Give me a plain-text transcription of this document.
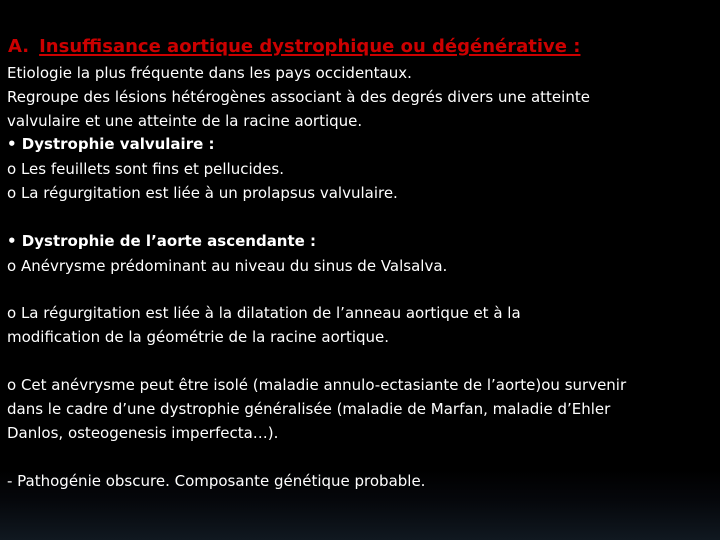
A. Insuffisance aortique dystrophique ou dégénérative :
Etiologie la plus fréquente dans les pays occidentaux.
Regroupe des lésions hétérogènes associant à des degrés divers une atteinte
valvulaire et une atteinte de la racine aortique.
• Dystrophie valvulaire :
o Les feuillets sont fins et pellucides.
o La régurgitation est liée à un prolapsus valvulaire.
• Dystrophie de l’aorte ascendante :
o Anévrysme prédominant au niveau du sinus de Valsalva.
o La régurgitation est liée à la dilatation de l’anneau aortique et à la
modification de la géométrie de la racine aortique.
o Cet anévrysme peut être isolé (maladie annulo-ectasiante de l’aorte)ou survenir
dans le cadre d’une dystrophie généralisée (maladie de Marfan, maladie d’Ehler
Danlos, osteogenesis imperfecta…).
- Pathogénie obscure. Composante génétique probable.
